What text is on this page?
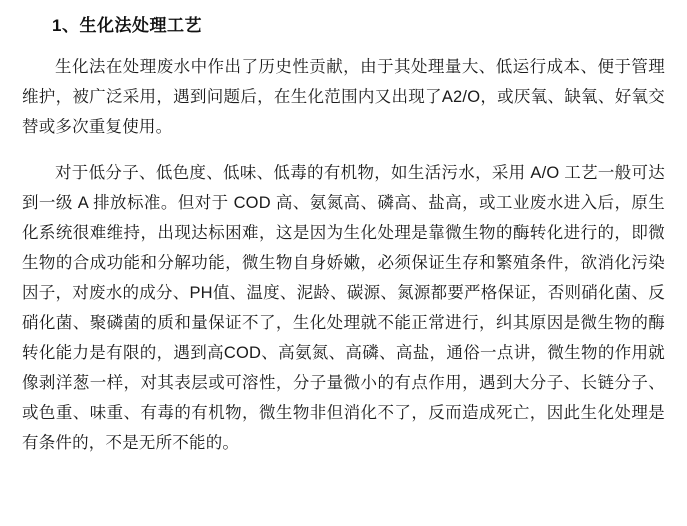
1、生化法处理工艺

生化法在处理废水中作出了历史性贡献，由于其处理量大、低运行成本、便于管理维护，被广泛采用，遇到问题后，在生化范围内又出现了A2/O，或厌氧、缺氧、好氧交替或多次重复使用。

对于低分子、低色度、低味、低毒的有机物，如生活污水，采用 A/O 工艺一般可达到一级 A 排放标准。但对于 COD 高、氨氮高、磷高、盐高，或工业废水进入后，原生化系统很难维持，出现达标困难，这是因为生化处理是靠微生物的酶转化进行的，即微生物的合成功能和分解功能，微生物自身娇嫩，必须保证生存和繁殖条件，欲消化污染因子，对废水的成分、PH值、温度、泥龄、碳源、氮源都要严格保证，否则硝化菌、反硝化菌、聚磷菌的质和量保证不了，生化处理就不能正常进行，纠其原因是微生物的酶转化能力是有限的，遇到高COD、高氨氮、高磷、高盐，通俗一点讲，微生物的作用就像剥洋葱一样，对其表层或可溶性，分子量微小的有点作用，遇到大分子、长链分子、或色重、味重、有毒的有机物，微生物非但消化不了，反而造成死亡，因此生化处理是有条件的，不是无所不能的。
